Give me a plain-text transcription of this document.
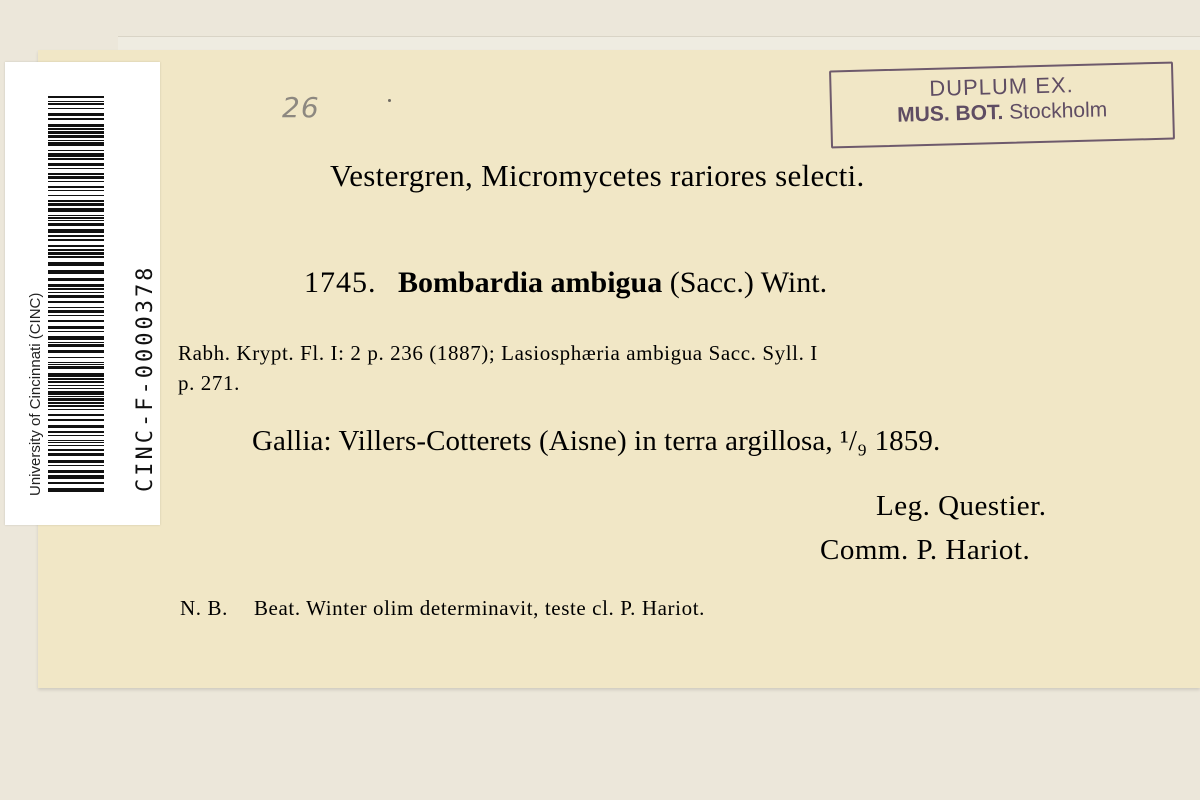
26
DUPLUM EX.
MUS. BOT. Stockholm
Vestergren, Micromycetes rariores selecti.
1745. Bombardia ambigua (Sacc.) Wint.
Rabh. Krypt. Fl. I: 2 p. 236 (1887); Lasiosphæria ambigua Sacc. Syll. I
p. 271.
Gallia: Villers-Cotterets (Aisne) in terra argillosa, ¹/₉ 1859.
Leg. Questier.
Comm. P. Hariot.
N. B. Beat. Winter olim determinavit, teste cl. P. Hariot.
University of Cincinnati (CINC)	CINC-F-0000378
